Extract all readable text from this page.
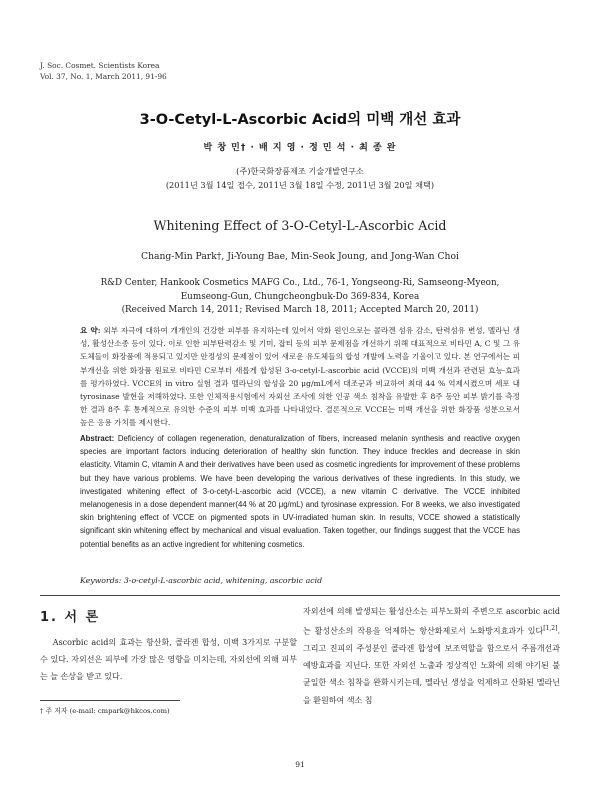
J. Soc. Cosmet. Scientists Korea
Vol. 37, No. 1, March 2011, 91-96
3-O-Cetyl-L-Ascorbic Acid의 미백 개선 효과
박 창 민† · 배 지 영 · 정 민 석 · 최 종 완
(주)한국화장품제조 기술개발연구소
(2011년 3월 14일 접수, 2011년 3월 18일 수정, 2011년 3월 20일 채택)
Whitening Effect of 3-O-Cetyl-L-Ascorbic Acid
Chang-Min Park†, Ji-Young Bae, Min-Seok Joung, and Jong-Wan Choi
R&D Center, Hankook Cosmetics MAFG Co., Ltd., 76-1, Yongseong-Ri, Samseong-Myeon,
Eumseong-Gun, Chungcheongbuk-Do 369-834, Korea
(Received March 14, 2011; Revised March 18, 2011; Accepted March 20, 2011)
요 약: 외부 자극에 대하여 개개인의 건강한 피부를 유지하는데 있어서 악화 원인으로는 콜라겐 섬유 감소, 탄력섬유 변성, 멜라닌 생성, 활성산소종 등이 있다. 이로 인한 피부탄력감소 및 기미, 잡티 등의 피부 문제점을 개선하기 위해 대표적으로 비타민 A, C 및 그 유도체들이 화장품에 적용되고 있지만 안정성의 문제점이 있어 새로운 유도체들의 합성 개발에 노력을 기울이고 있다. 본 연구에서는 피부개선을 위한 화장품 원료로 비타민 C로부터 새롭게 합성된 3-o-cetyl-L-ascorbic acid (VCCE)의 미백 개선과 관련된 효능·효과를 평가하였다. VCCE의 in vitro 실험 결과 멜라닌의 합성을 20 μg/mL에서 대조군과 비교하여 최대 44 % 억제시켰으며 세포 내 tyrosinase 발현을 저해하였다. 또한 인체적용시험에서 자외선 조사에 의한 인공 색소 침착을 유발한 후 8주 동안 피부 밝기를 측정한 결과 8주 후 통계적으로 유의한 수준의 피부 미백 효과를 나타내었다. 결론적으로 VCCE는 미백 개선을 위한 화장품 성분으로서 높은 응용 가치를 제시한다.
Abstract: Deficiency of collagen regeneration, denaturalization of fibers, increased melanin synthesis and reactive oxygen species are important factors inducing deterioration of healthy skin function. They induce freckles and decrease in skin elasticity. Vitamin C, vitamin A and their derivatives have been used as cosmetic ingredients for improvement of these problems but they have various problems. We have been developing the various derivatives of these ingredients. In this study, we investigated whitening effect of 3-o-cetyl-L-ascorbic acid (VCCE), a new vitamin C derivative. The VCCE inhibited melanogenesis in a dose dependent manner(44 % at 20 μg/mL) and tyrosinase expression. For 8 weeks, we also investigated skin brightening effect of VCCE on pigmented spots in UV-irradiated human skin. In results, VCCE showed a statistically significant skin whitening effect by mechanical and visual evaluation. Taken together, our findings suggest that the VCCE has potential benefits as an active ingredient for whitening cosmetics.
Keywords: 3-o-cetyl-L-ascorbic acid, whitening, ascorbic acid
1. 서 론
Ascorbic acid의 효과는 항산화, 콜라겐 합성, 미백 3가지로 구분할 수 있다. 자외선은 피부에 가장 많은 영향을 미치는데, 자외선에 의해 피부는 늘 손상을 받고 있다.
자외선에 의해 발생되는 활성산소는 피부노화의 주변으로 ascorbic acid는 활성산소의 작용을 억제하는 항산화제로서 노화방지효과가 있다[1,2]. 그리고 진피의 주성분인 콜라겐 합성에 보조역할을 함으로서 주름개선과 예방효과를 지닌다. 또한 자외선 노출과 정상적인 노화에 의해 야기된 불균일한 색소 침착을 완화시키는데, 멜라닌 생성을 억제하고 산화된 멜라닌을 환원하여 색소 침
† 주 저자 (e-mail: cmpark@hkcos.com)
91
